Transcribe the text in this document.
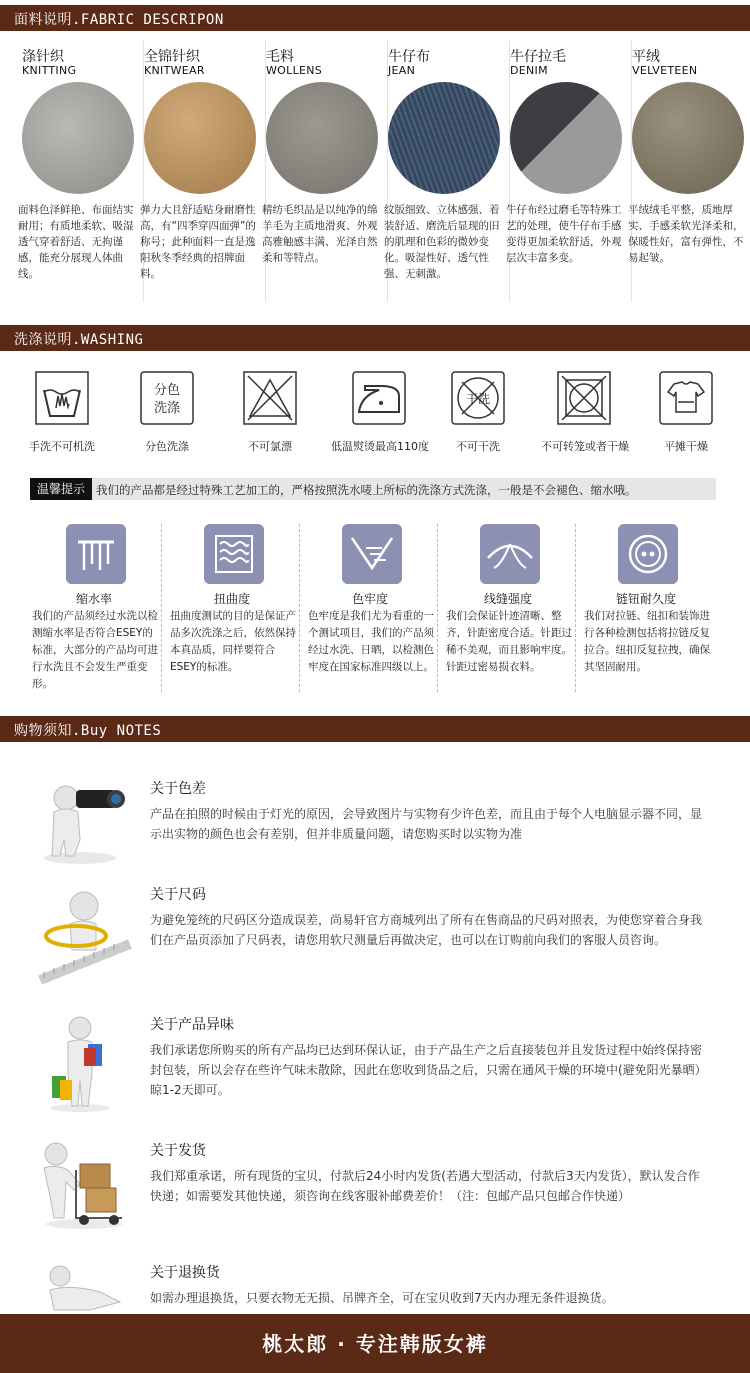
面料说明.FABRIC DESCRIPON
涤针织
KNITTING
面料色泽鲜艳、布面结实耐用；有质地柔软、吸湿透气穿着舒适、无拘谨感，能充分展现人体曲线。
全锦针织
KNITWEAR
弹力大且舒适贴身耐磨性高，有“四季穿四面弹”的称号；此种面料一直是逸阳秋冬季经典的招牌面料。
毛料
WOLLENS
精纺毛织品是以纯净的绵羊毛为主质地滑爽、外观高雅触感丰满、光泽自然柔和等特点。
牛仔布
JEAN
纹版细致、立体感强、着装舒适、磨洗后显现的旧的肌理和色彩的微妙变化。吸湿性好、透气性强、无刺激。
牛仔拉毛
DENIM
牛仔布经过磨毛等特殊工艺的处理，使牛仔布手感变得更加柔软舒适，外观层次丰富多变。
平绒
VELVETEEN
平绒绒毛平整，质地厚实、手感柔软光泽柔和，保暖性好，富有弹性，不易起皱。
洗涤说明.WASHING
手洗不可机洗
分色
洗涤
分色洗涤	不可氯漂	低温熨烫最高110度
干洗
不可干洗	不可转笼或者干燥	平摊干燥
温馨提示 我们的产品都是经过特殊工艺加工的，严格按照洗水唛上所标的洗涤方式洗涤，一般是不会褪色、缩水哦。
缩水率
我们的产品须经过水洗以检测缩水率是否符合ESEY的标准，大部分的产品均可进行水洗且不会发生严重变形。
扭曲度
扭曲度测试的目的是保证产品多次洗涤之后，依然保持本真品质，同样要符合ESEY的标准。
色牢度
色牢度是我们尤为看重的一个测试项目，我们的产品须经过水洗、日晒，以检测色牢度在国家标准四级以上。
线缝强度
我们会保证针迹清晰、整齐，针距密度合适。针距过稀不美观，而且影响牢度。针距过密易损衣料。
链钮耐久度
我们对拉链、纽扣和装饰进行各种检测包括将拉链反复拉合。纽扣反复拉拽，确保其坚固耐用。
购物须知.Buy NOTES
关于色差
产品在拍照的时候由于灯光的原因，会导致图片与实物有少许色差，而且由于每个人电脑显示器不同，显示出实物的颜色也会有差别，但并非质量问题，请您购买时以实物为准
关于尺码
为避免笼统的尺码区分造成误差，尚易轩官方商城列出了所有在售商品的尺码对照表，为使您穿着合身我们在产品页添加了尺码表，请您用软尺测量后再做决定，也可以在订购前向我们的客服人员咨询。
关于产品异味
我们承诺您所购买的所有产品均已达到环保认证，由于产品生产之后直接装包并且发货过程中始终保持密封包装，所以会存在些许气味未散除，因此在您收到货品之后，只需在通风干燥的环境中(避免阳光暴晒）晾1-2天即可。
关于发货
我们郑重承诺，所有现货的宝贝，付款后24小时内发货(若遇大型活动，付款后3天内发货），默认发合作快递；如需要发其他快递，须咨询在线客服补邮费差价！（注：包邮产品只包邮合作快递）
关于退换货
如需办理退换货，只要衣物无无损、吊牌齐全，可在宝贝收到7天内办理无条件退换货。
桃太郎 · 专注韩版女裤
